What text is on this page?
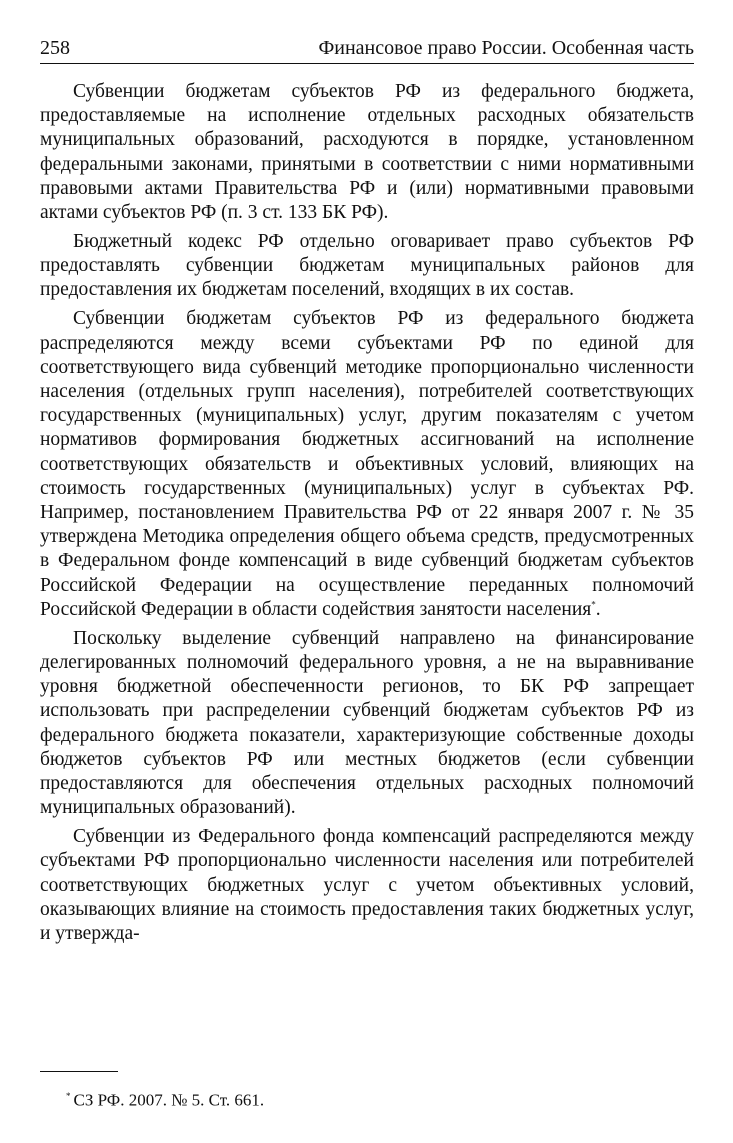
258	Финансовое право России. Особенная часть

Субвенции бюджетам субъектов РФ из федерального бюджета, предоставляемые на исполнение отдельных расходных обязательств муниципальных образований, расходуются в порядке, установленном федеральными законами, принятыми в соответствии с ними нормативными правовыми актами Правительства РФ и (или) нормативными правовыми актами субъектов РФ (п. 3 ст. 133 БК РФ).

Бюджетный кодекс РФ отдельно оговаривает право субъектов РФ предоставлять субвенции бюджетам муниципальных районов для предоставления их бюджетам поселений, входящих в их состав.

Субвенции бюджетам субъектов РФ из федерального бюджета распределяются между всеми субъектами РФ по единой для соответствующего вида субвенций методике пропорционально численности населения (отдельных групп населения), потребителей соответствующих государственных (муниципальных) услуг, другим показателям с учетом нормативов формирования бюджетных ассигнований на исполнение соответствующих обязательств и объективных условий, влияющих на стоимость государственных (муниципальных) услуг в субъектах РФ. Например, постановлением Правительства РФ от 22 января 2007 г. № 35 утверждена Методика определения общего объема средств, предусмотренных в Федеральном фонде компенсаций в виде субвенций бюджетам субъектов Российской Федерации на осуществление переданных полномочий Российской Федерации в области содействия занятости населения*.

Поскольку выделение субвенций направлено на финансирование делегированных полномочий федерального уровня, а не на выравнивание уровня бюджетной обеспеченности регионов, то БК РФ запрещает использовать при распределении субвенций бюджетам субъектов РФ из федерального бюджета показатели, характеризующие собственные доходы бюджетов субъектов РФ или местных бюджетов (если субвенции предоставляются для обеспечения отдельных расходных полномочий муниципальных образований).

Субвенции из Федерального фонда компенсаций распределяются между субъектами РФ пропорционально численности населения или потребителей соответствующих бюджетных услуг с учетом объективных условий, оказывающих влияние на стоимость предоставления таких бюджетных услуг, и утвержда-

* СЗ РФ. 2007. № 5. Ст. 661.
